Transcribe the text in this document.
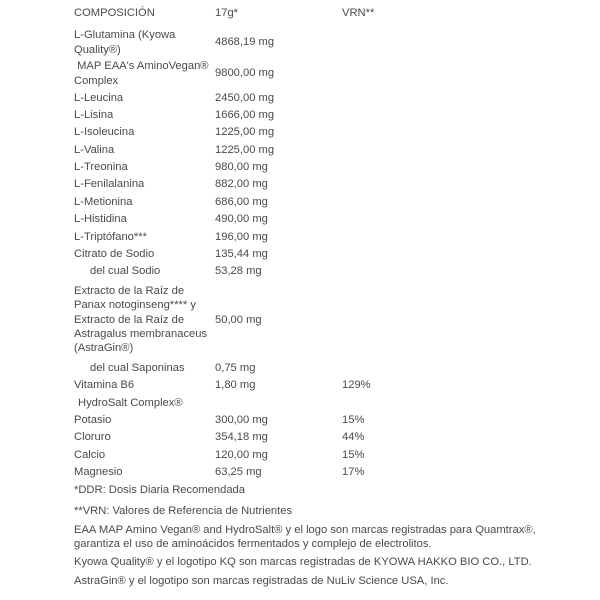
COMPOSICIÓN	17g*	VRN**
L-Glutamina (Kyowa Quality®)	4868,19 mg	
MAP EAA's AminoVegan® Complex	9800,00 mg	
L-Leucina	2450,00 mg	
L-Lisina	1666,00 mg	
L-Isoleucina	1225,00 mg	
L-Valina	1225,00 mg	
L-Treonina	980,00 mg	
L-Fenilalanina	882,00 mg	
L-Metionina	686,00 mg	
L-Histidina	490,00 mg	
L-Triptófano***	196,00 mg	
Citrato de Sodio	135,44 mg	
del cual Sodio	53,28 mg	
Extracto de la Raíz de Panax notoginseng**** y Extracto de la Raíz de Astragalus membranaceus (AstraGin®)	50,00 mg	
del cual Saponinas	0,75 mg	
Vitamina B6	1,80 mg	129%
HydroSalt Complex®		
Potasio	300,00 mg	15%
Cloruro	354,18 mg	44%
Calcio	120,00 mg	15%
Magnesio	63,25 mg	17%

*DDR: Dosis Diaria Recomendada

**VRN: Valores de Referencia de Nutrientes

EAA MAP Amino Vegan® and HydroSalt® y el logo son marcas registradas para Quamtrax®, garantiza el uso de aminoácidos fermentados y complejo de electrolitos.

Kyowa Quality® y el logotipo KQ son marcas registradas de KYOWA HAKKO BIO CO., LTD.

AstraGin® y el logotipo son marcas registradas de NuLiv Science USA, Inc.
